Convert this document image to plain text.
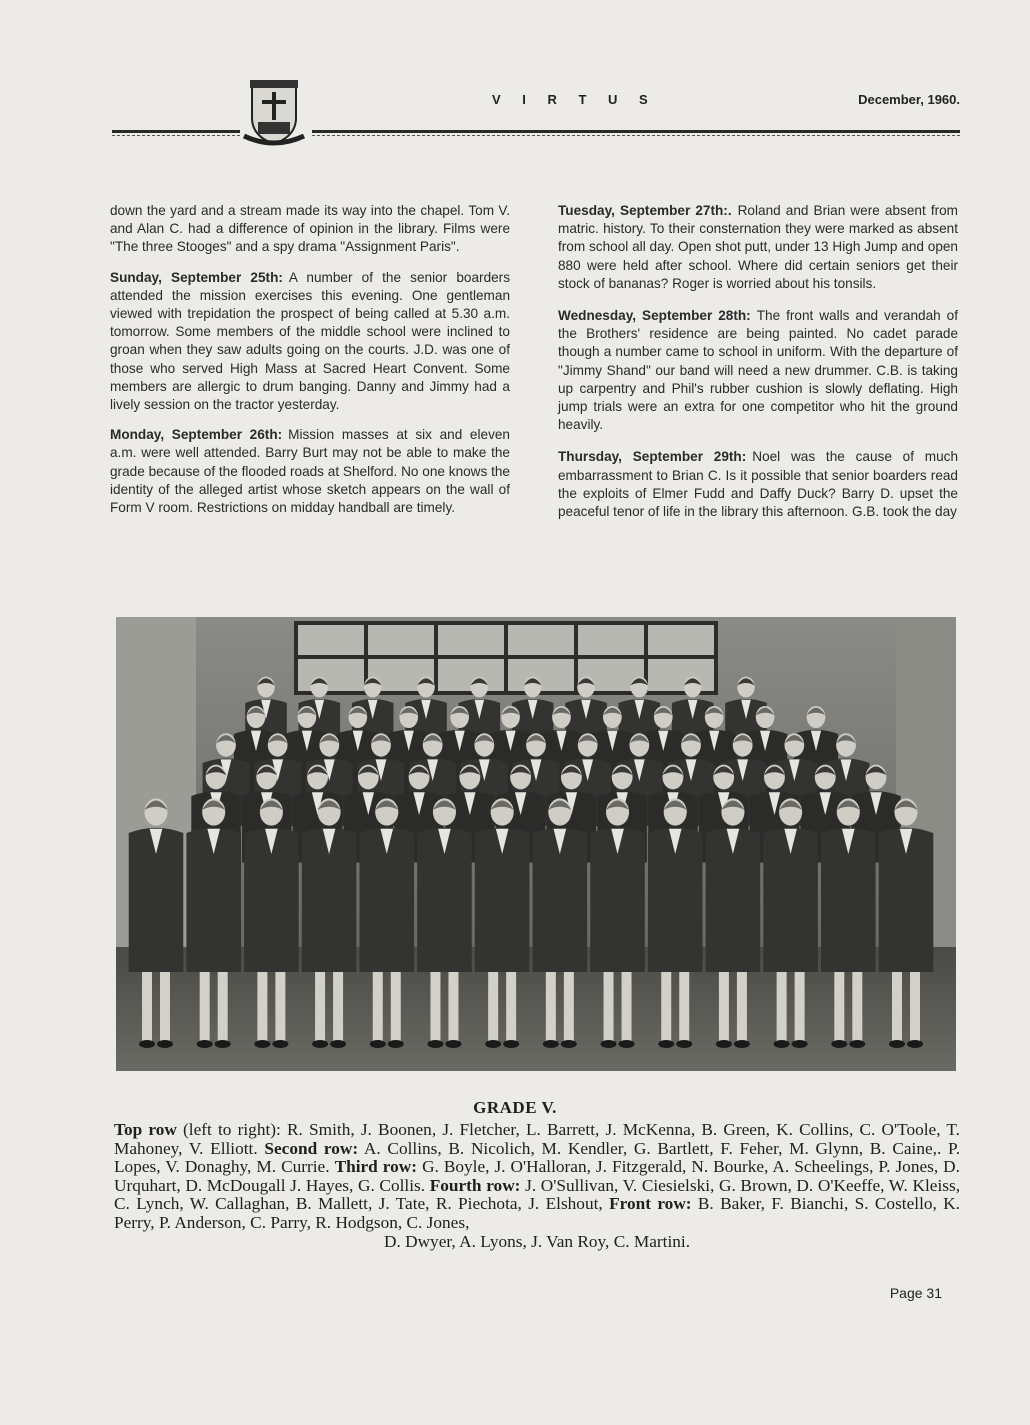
V I R T U S	December, 1960.

down the yard and a stream made its way into the chapel. Tom V. and Alan C. had a difference of opinion in the library. Films were "The three Stooges" and a spy drama "Assignment Paris".

Sunday, September 25th: A number of the senior boarders attended the mission exercises this evening. One gentleman viewed with trepidation the prospect of being called at 5.30 a.m. tomorrow. Some members of the middle school were inclined to groan when they saw adults going on the courts. J.D. was one of those who served High Mass at Sacred Heart Convent. Some members are allergic to drum banging. Danny and Jimmy had a lively session on the tractor yesterday.

Monday, September 26th: Mission masses at six and eleven a.m. were well attended. Barry Burt may not be able to make the grade because of the flooded roads at Shelford. No one knows the identity of the alleged artist whose sketch appears on the wall of Form V room. Restrictions on midday handball are timely.

Tuesday, September 27th:. Roland and Brian were absent from matric. history. To their consternation they were marked as absent from school all day. Open shot putt, under 13 High Jump and open 880 were held after school. Where did certain seniors get their stock of bananas? Roger is worried about his tonsils.

Wednesday, September 28th: The front walls and verandah of the Brothers' residence are being painted. No cadet parade though a number came to school in uniform. With the departure of "Jimmy Shand" our band will need a new drummer. C.B. is taking up carpentry and Phil's rubber cushion is slowly deflating. High jump trials were an extra for one competitor who hit the ground heavily.

Thursday, September 29th: Noel was the cause of much embarrassment to Brian C. Is it possible that senior boarders read the exploits of Elmer Fudd and Daffy Duck? Barry D. upset the peaceful tenor of life in the library this afternoon. G.B. took the day

GRADE V.
Top row (left to right): R. Smith, J. Boonen, J. Fletcher, L. Barrett, J. McKenna, B. Green, K. Collins, C. O'Toole, T. Mahoney, V. Elliott. Second row: A. Collins, B. Nicolich, M. Kendler, G. Bartlett, F. Feher, M. Glynn, B. Caine,. P. Lopes, V. Donaghy, M. Currie. Third row: G. Boyle, J. O'Halloran, J. Fitzgerald, N. Bourke, A. Scheelings, P. Jones, D. Urquhart, D. McDougall J. Hayes, G. Collis. Fourth row: J. O'Sullivan, V. Ciesielski, G. Brown, D. O'Keeffe, W. Kleiss, C. Lynch, W. Callaghan, B. Mallett, J. Tate, R. Piechota, J. Elshout, Front row: B. Baker, F. Bianchi, S. Costello, K. Perry, P. Anderson, C. Parry, R. Hodgson, C. Jones,
D. Dwyer, A. Lyons, J. Van Roy, C. Martini.
Page 31
